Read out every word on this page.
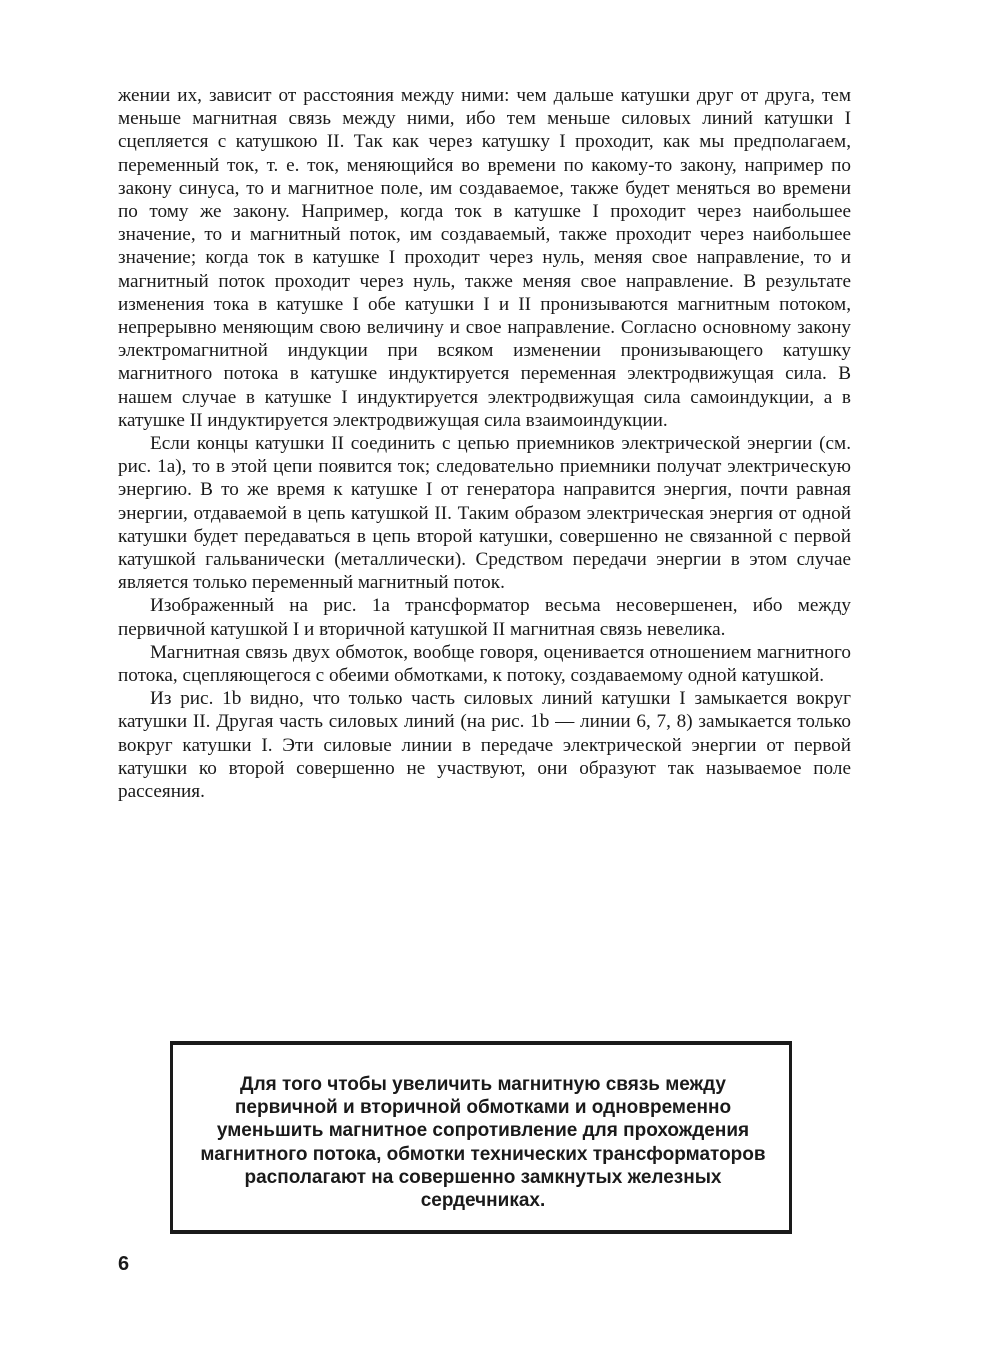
жении их, зависит от расстояния между ними: чем дальше катушки друг от друга, тем меньше магнитная связь между ними, ибо тем меньше силовых линий катушки I сцепляется с катушкою II. Так как через катушку I проходит, как мы предполагаем, переменный ток, т. е. ток, меняющийся во времени по какому-то закону, например по закону синуса, то и магнитное поле, им создаваемое, также будет меняться во времени по тому же закону. Например, когда ток в катушке I проходит через наибольшее значение, то и магнитный поток, им создаваемый, также проходит через наибольшее значение; когда ток в катушке I проходит через нуль, меняя свое направление, то и магнитный поток проходит через нуль, также меняя свое направление. В результате изменения тока в катушке I обе катушки I и II пронизываются магнитным потоком, непрерывно меняющим свою величину и свое направление. Согласно основному закону электромагнитной индукции при всяком изменении пронизывающего катушку магнитного потока в катушке индуктируется переменная электродвижущая сила. В нашем случае в катушке I индуктируется электродвижущая сила самоиндукции, а в катушке II индуктируется электродвижущая сила взаимоиндукции.

Если концы катушки II соединить с цепью приемников электрической энергии (см. рис. 1а), то в этой цепи появится ток; следовательно приемники получат электрическую энергию. В то же время к катушке I от генератора направится энергия, почти равная энергии, отдаваемой в цепь катушкой II. Таким образом электрическая энергия от одной катушки будет передаваться в цепь второй катушки, совершенно не связанной с первой катушкой гальванически (металлически). Средством передачи энергии в этом случае является только переменный магнитный поток.

Изображенный на рис. 1а трансформатор весьма несовершенен, ибо между первичной катушкой I и вторичной катушкой II магнитная связь невелика.

Магнитная связь двух обмоток, вообще говоря, оценивается отношением магнитного потока, сцепляющегося с обеими обмотками, к потоку, создаваемому одной катушкой.

Из рис. 1b видно, что только часть силовых линий катушки I замыкается вокруг катушки II. Другая часть силовых линий (на рис. 1b — линии 6, 7, 8) замыкается только вокруг катушки I. Эти силовые линии в передаче электрической энергии от первой катушки ко второй совершенно не участвуют, они образуют так называемое поле рассеяния.

Для того чтобы увеличить магнитную связь между первичной и вторичной обмотками и одновременно уменьшить магнитное сопротивление для прохождения магнитного потока, обмотки технических трансформаторов располагают на совершенно замкнутых железных сердечниках.

6
